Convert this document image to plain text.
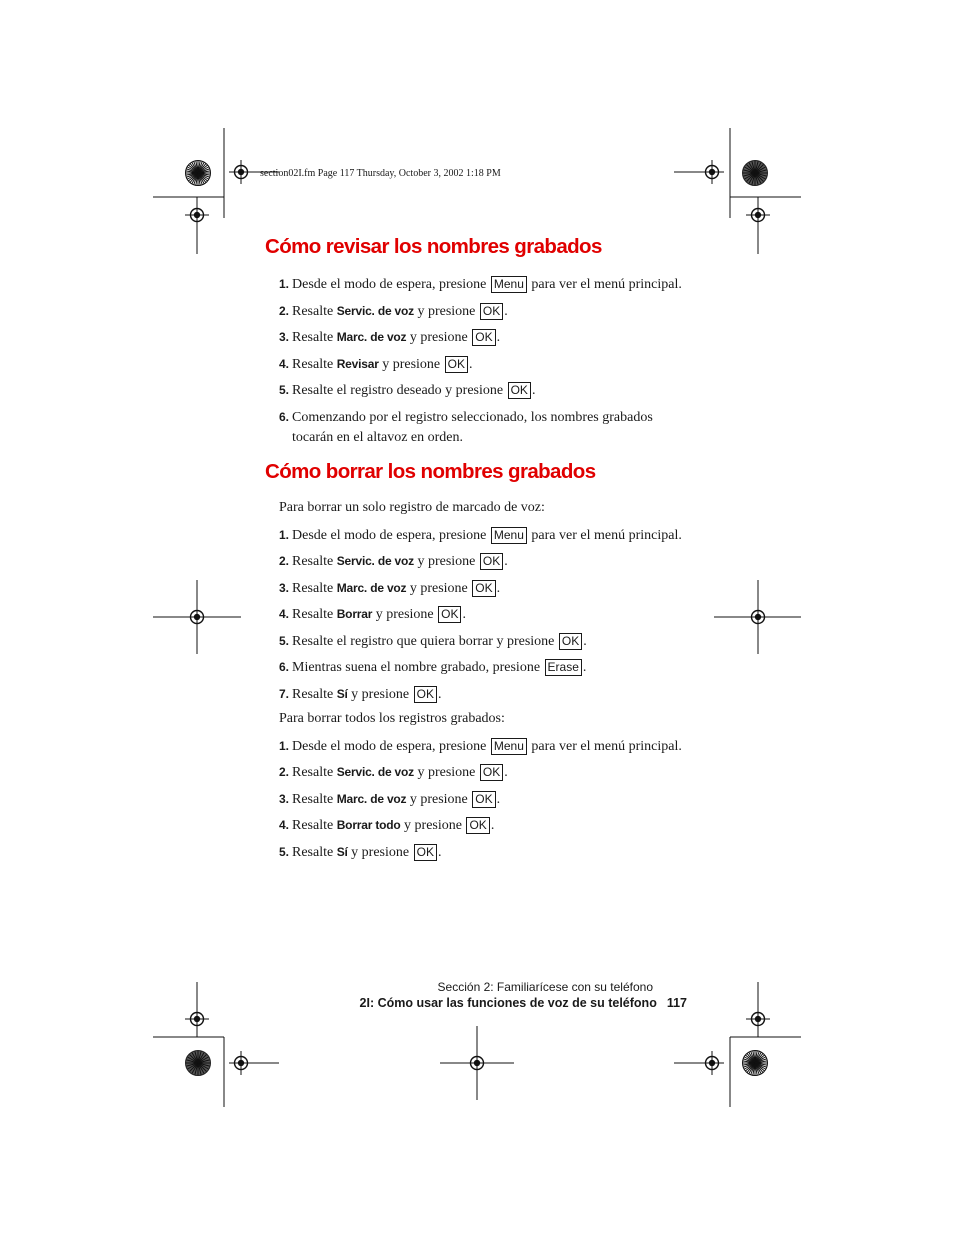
section02I.fm Page 117 Thursday, October 3, 2002 1:18 PM
Cómo revisar los nombres grabados
1. Desde el modo de espera, presione Menu para ver el menú principal.
2. Resalte Servic. de voz y presione OK .
3. Resalte Marc. de voz y presione OK .
4. Resalte Revisar y presione OK .
5. Resalte el registro deseado y presione OK .
6. Comenzando por el registro seleccionado, los nombres grabados
tocarán en el altavoz en orden.
Cómo borrar los nombres grabados
Para borrar un solo registro de marcado de voz:
1. Desde el modo de espera, presione Menu para ver el menú principal.
2. Resalte Servic. de voz y presione OK .
3. Resalte Marc. de voz y presione OK .
4. Resalte Borrar y presione OK .
5. Resalte el registro que quiera borrar y presione OK .
6. Mientras suena el nombre grabado, presione Erase .
7. Resalte Sí y presione OK .
Para borrar todos los registros grabados:
1. Desde el modo de espera, presione Menu para ver el menú principal.
2. Resalte Servic. de voz y presione OK .
3. Resalte Marc. de voz y presione OK .
4. Resalte Borrar todo y presione OK .
5. Resalte Sí y presione OK .
Sección 2: Familiarícese con su teléfono
2I: Cómo usar las funciones de voz de su teléfono 117
